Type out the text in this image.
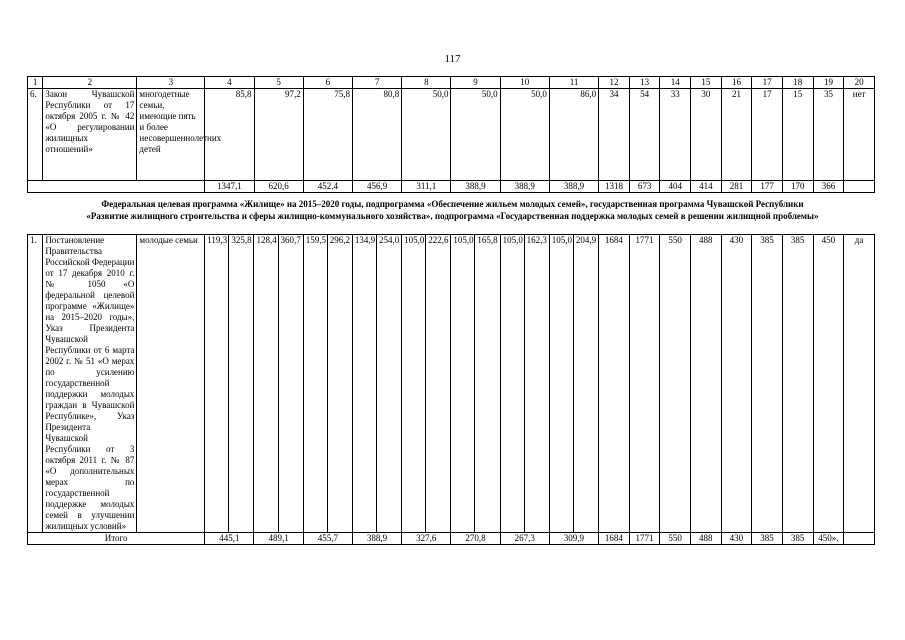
117
1	2	3	4	5	6	7	8	9	10	11	12	13	14	15	16	17	18	19	20
6.	Закон Чувашской Республики от 17 октября 2005 г. № 42 «О регулировании жилищных отношений»	многодетные семьи, имеющие пять и более несовершеннолетних детей	85,8	97,2	75,8	80,8	50,0	50,0	50,0	86,0	34	54	33	30	21	17	15	35	нет
			1347,1	620,6	452,4	456,9	311,1	388,9	388,9	388,9	1318	673	404	414	281	177	170	366	
Федеральная целевая программа «Жилище» на 2015–2020 годы, подпрограмма «Обеспечение жильем молодых семей», государственная программа Чувашской Республики
«Развитие жилищного строительства и сферы жилищно-коммунального хозяйства», подпрограмма «Государственная поддержка молодых семей в решении жилищной проблемы»
1.	Постановление Правительства Российской Федерации от 17 декабря 2010 г. № 1050 «О федеральной целевой программе «Жилище» на 2015–2020 годы», Указ Президента Чувашской Республики от 6 марта 2002 г. № 51 «О мерах по усилению государственной поддержки молодых граждан в Чувашской Республике», Указ Президента Чувашской Республики от 3 октября 2011 г. № 87 «О дополнительных мерах по государственной поддержке молодых семей в улучшении жилищных условий»	молодые семьи	119,3	325,8	128,4	360,7	159,5	296,2	134,9	254,0	105,0	222,6	105,0	165,8	105,0	162,3	105,0	204,9	1684	1771	550	488	430	385	385	450	да
Итого			445,1		489,1		455,7		388,9		327,6		270,8		267,3		309,9		1684	1771	550	488	430	385	385	450».	
